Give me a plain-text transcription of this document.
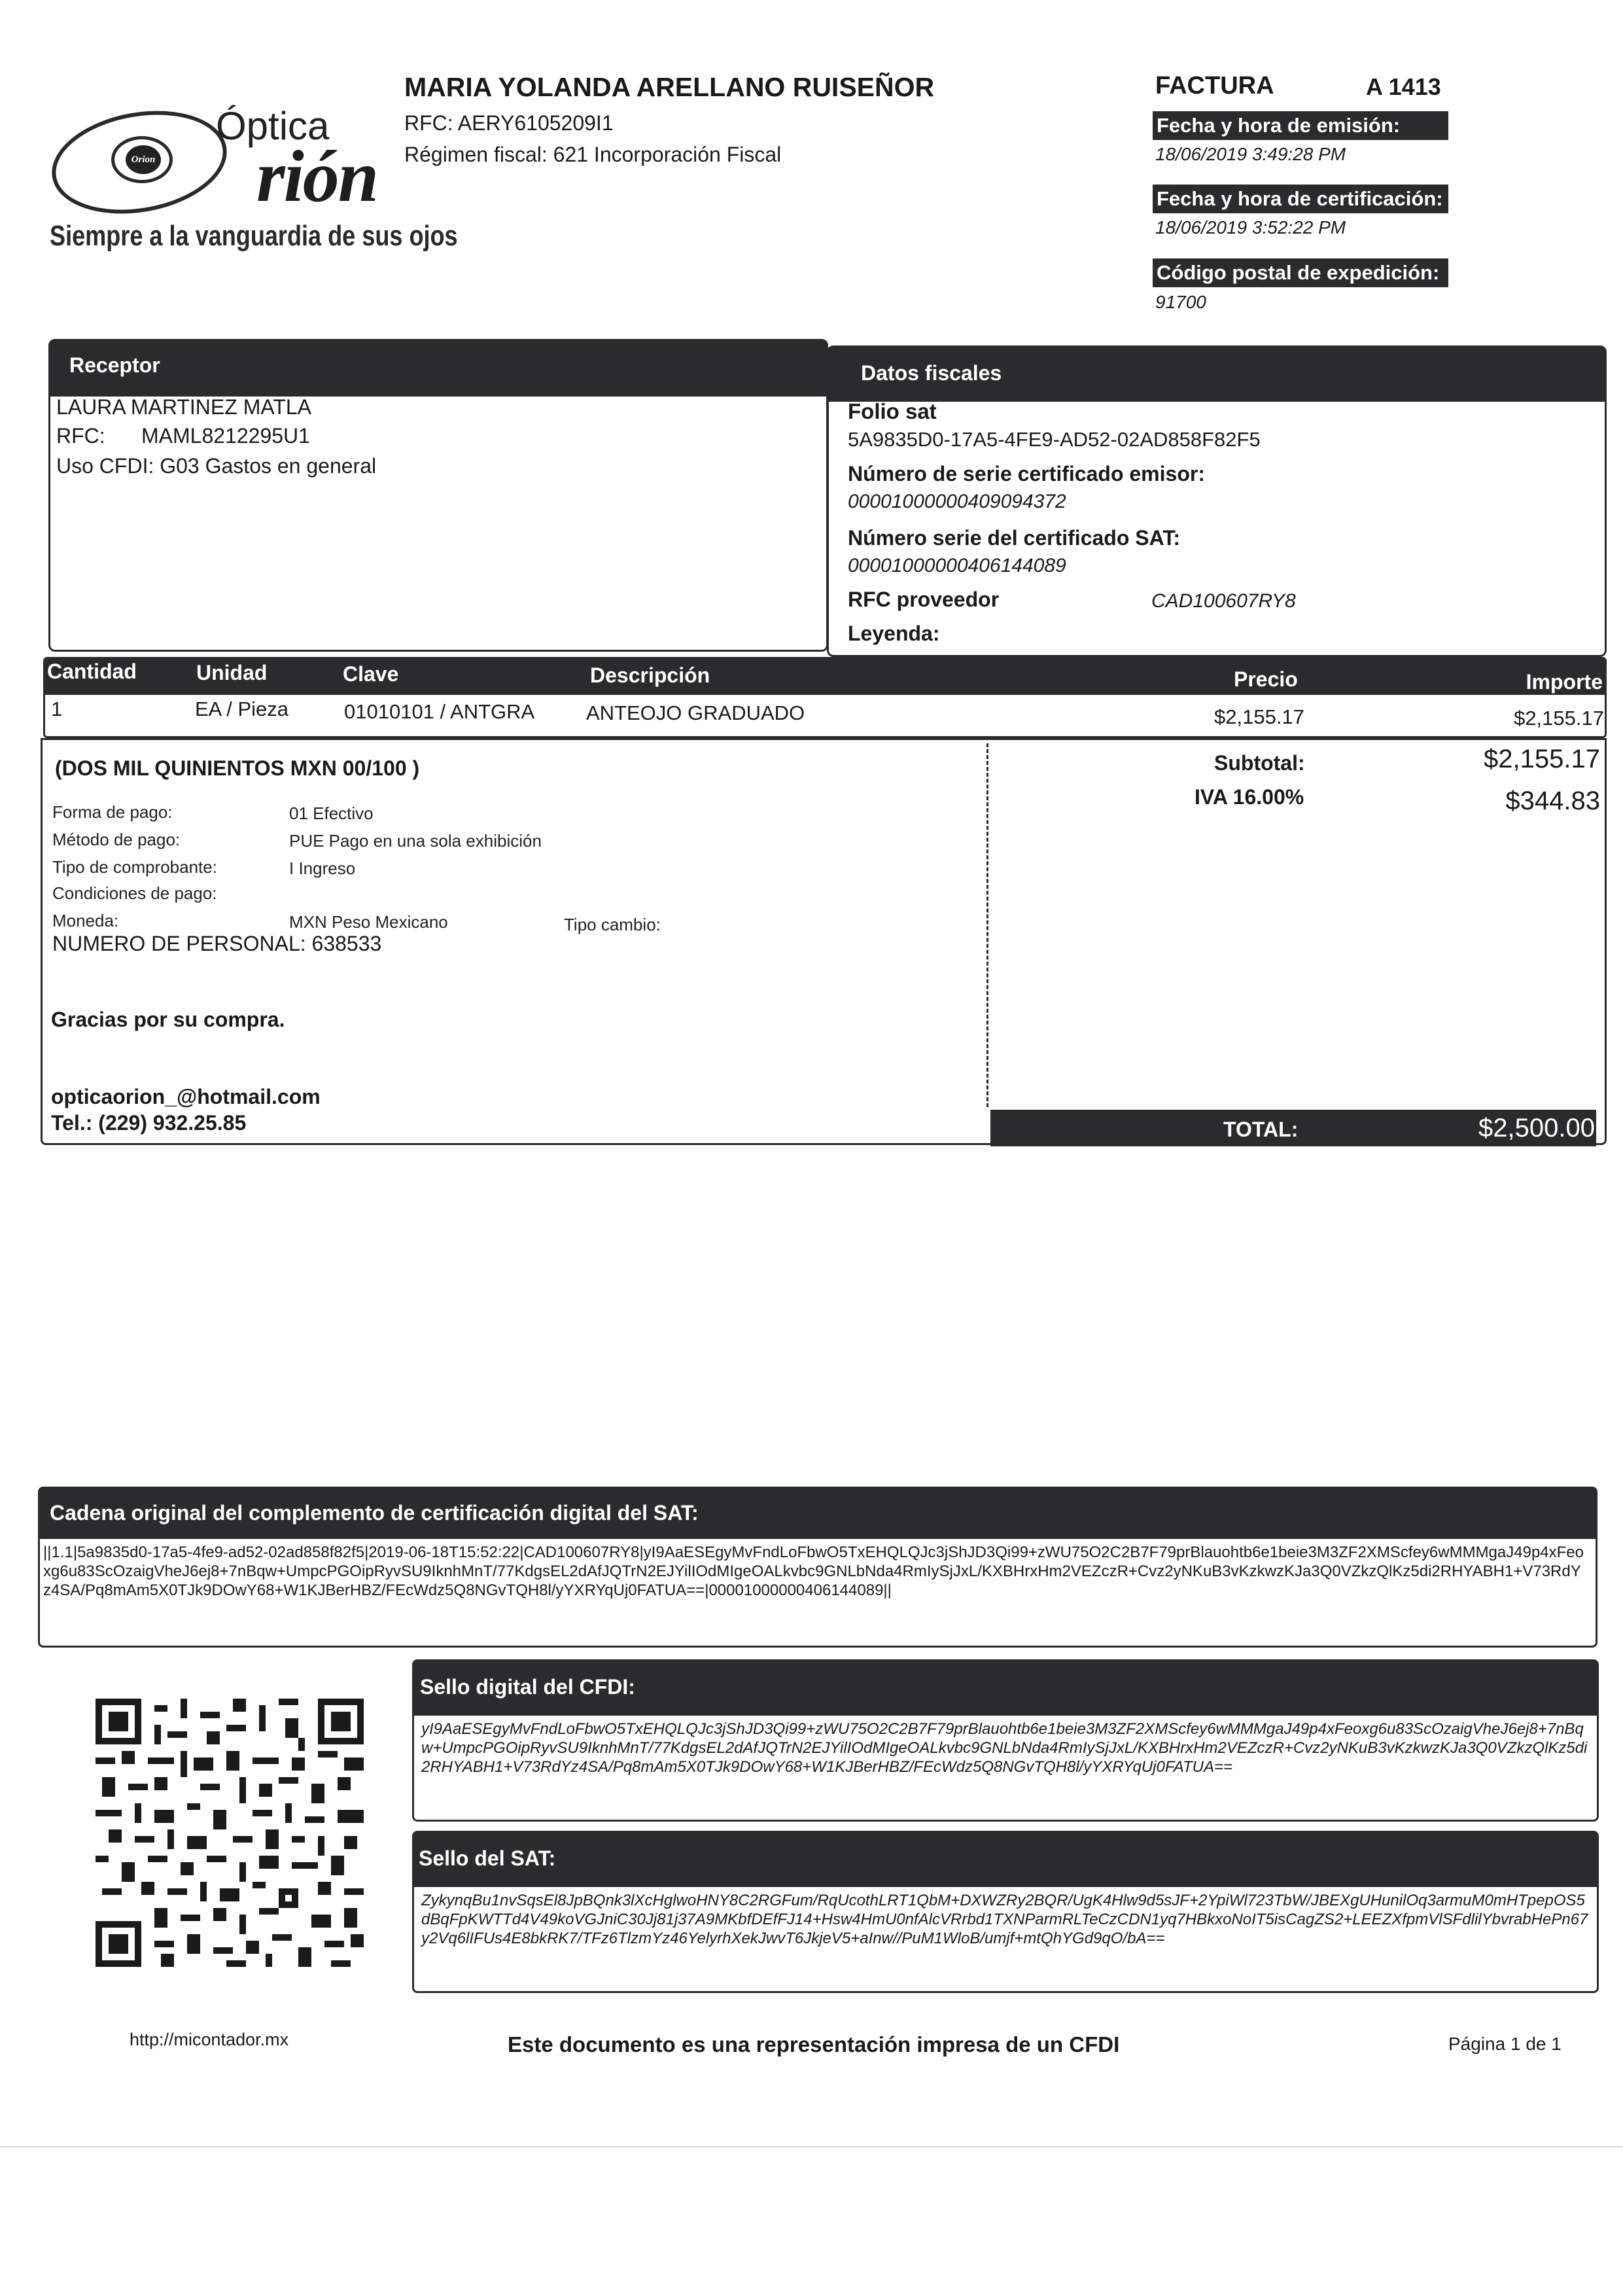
Orion
Óptica
rión
Siempre a la vanguardia de sus ojos
MARIA YOLANDA ARELLANO RUISEÑOR
RFC: AERY6105209I1
Régimen fiscal: 621 Incorporación Fiscal
FACTURA	A 1413
Fecha y hora de emisión:
18/06/2019 3:49:28 PM
Fecha y hora de certificación:
18/06/2019 3:52:22 PM
Código postal de expedición:
91700
Receptor
LAURA MARTINEZ MATLA
RFC: MAML8212295U1
Uso CFDI: G03 Gastos en general
Datos fiscales
Folio sat
5A9835D0-17A5-4FE9-AD52-02AD858F82F5
Número de serie certificado emisor:
00001000000409094372
Número serie del certificado SAT:
00001000000406144089
RFC proveedor	CAD100607RY8
Leyenda:
Cantidad	Unidad	Clave	Descripción	Precio	Importe
1	EA / Pieza	01010101 / ANTGRA	ANTEOJO GRADUADO	$2,155.17	$2,155.17
(DOS MIL QUINIENTOS MXN 00/100 )
Forma de pago:	01 Efectivo
Método de pago:	PUE Pago en una sola exhibición
Tipo de comprobante:	I Ingreso
Condiciones de pago:
Moneda:	MXN Peso Mexicano	Tipo cambio:
NUMERO DE PERSONAL: 638533
Gracias por su compra.
opticaorion_@hotmail.com
Tel.: (229) 932.25.85
Subtotal:	$2,155.17
IVA 16.00%	$344.83
TOTAL:	$2,500.00
Cadena original del complemento de certificación digital del SAT:
||1.1|5a9835d0-17a5-4fe9-ad52-02ad858f82f5|2019-06-18T15:52:22|CAD100607RY8|yI9AaESEgyMvFndLoFbwO5TxEHQLQJc3jShJD3Qi99+zWU75O2C2B7F79prBlauohtb6e1beie3M3ZF2XMScfey6wMMMgaJ49p4xFeoxg6u83ScOzaigVheJ6ej8+7nBqw+UmpcPGOipRyvSU9IknhMnT/77KdgsEL2dAfJQTrN2EJYilIOdMIgeOALkvbc9GNLbNda4RmIySjJxL/KXBHrxHm2VEZczR+Cvz2yNKuB3vKzkwzKJa3Q0VZkzQlKz5di2RHYABH1+V73RdYz4SA/Pq8mAm5X0TJk9DOwY68+W1KJBerHBZ/FEcWdz5Q8NGvTQH8l/yYXRYqUj0FATUA==|00001000000406144089||
Sello digital del CFDI:
yI9AaESEgyMvFndLoFbwO5TxEHQLQJc3jShJD3Qi99+zWU75O2C2B7F79prBlauohtb6e1beie3M3ZF2XMScfey6wMMMgaJ49p4xFeoxg6u83ScOzaigVheJ6ej8+7nBqw+UmpcPGOipRyvSU9IknhMnT/77KdgsEL2dAfJQTrN2EJYilIOdMIgeOALkvbc9GNLbNda4RmIySjJxL/KXBHrxHm2VEZczR+Cvz2yNKuB3vKzkwzKJa3Q0VZkzQlKz5di2RHYABH1+V73RdYz4SA/Pq8mAm5X0TJk9DOwY68+W1KJBerHBZ/FEcWdz5Q8NGvTQH8l/yYXRYqUj0FATUA==
Sello del SAT:
ZykynqBu1nvSqsEl8JpBQnk3lXcHglwoHNY8C2RGFum/RqUcothLRT1QbM+DXWZRy2BQR/UgK4Hlw9d5sJF+2YpiWl723TbW/JBEXgUHunilOq3armuM0mHTpepOS5dBqFpKWTTd4V49koVGJniC30Jj81j37A9MKbfDEfFJ14+Hsw4HmU0nfAlcVRrbd1TXNParmRLTeCzCDN1yq7HBkxoNoIT5isCagZS2+LEEZXfpmVlSFdlilYbvrabHePn67y2Vq6lIFUs4E8bkRK7/TFz6TlzmYz46YelyrhXekJwvT6JkjeV5+aInw//PuM1WloB/umjf+mtQhYGd9qO/bA==
http://micontador.mx	Este documento es una representación impresa de un CFDI	Página 1 de 1
